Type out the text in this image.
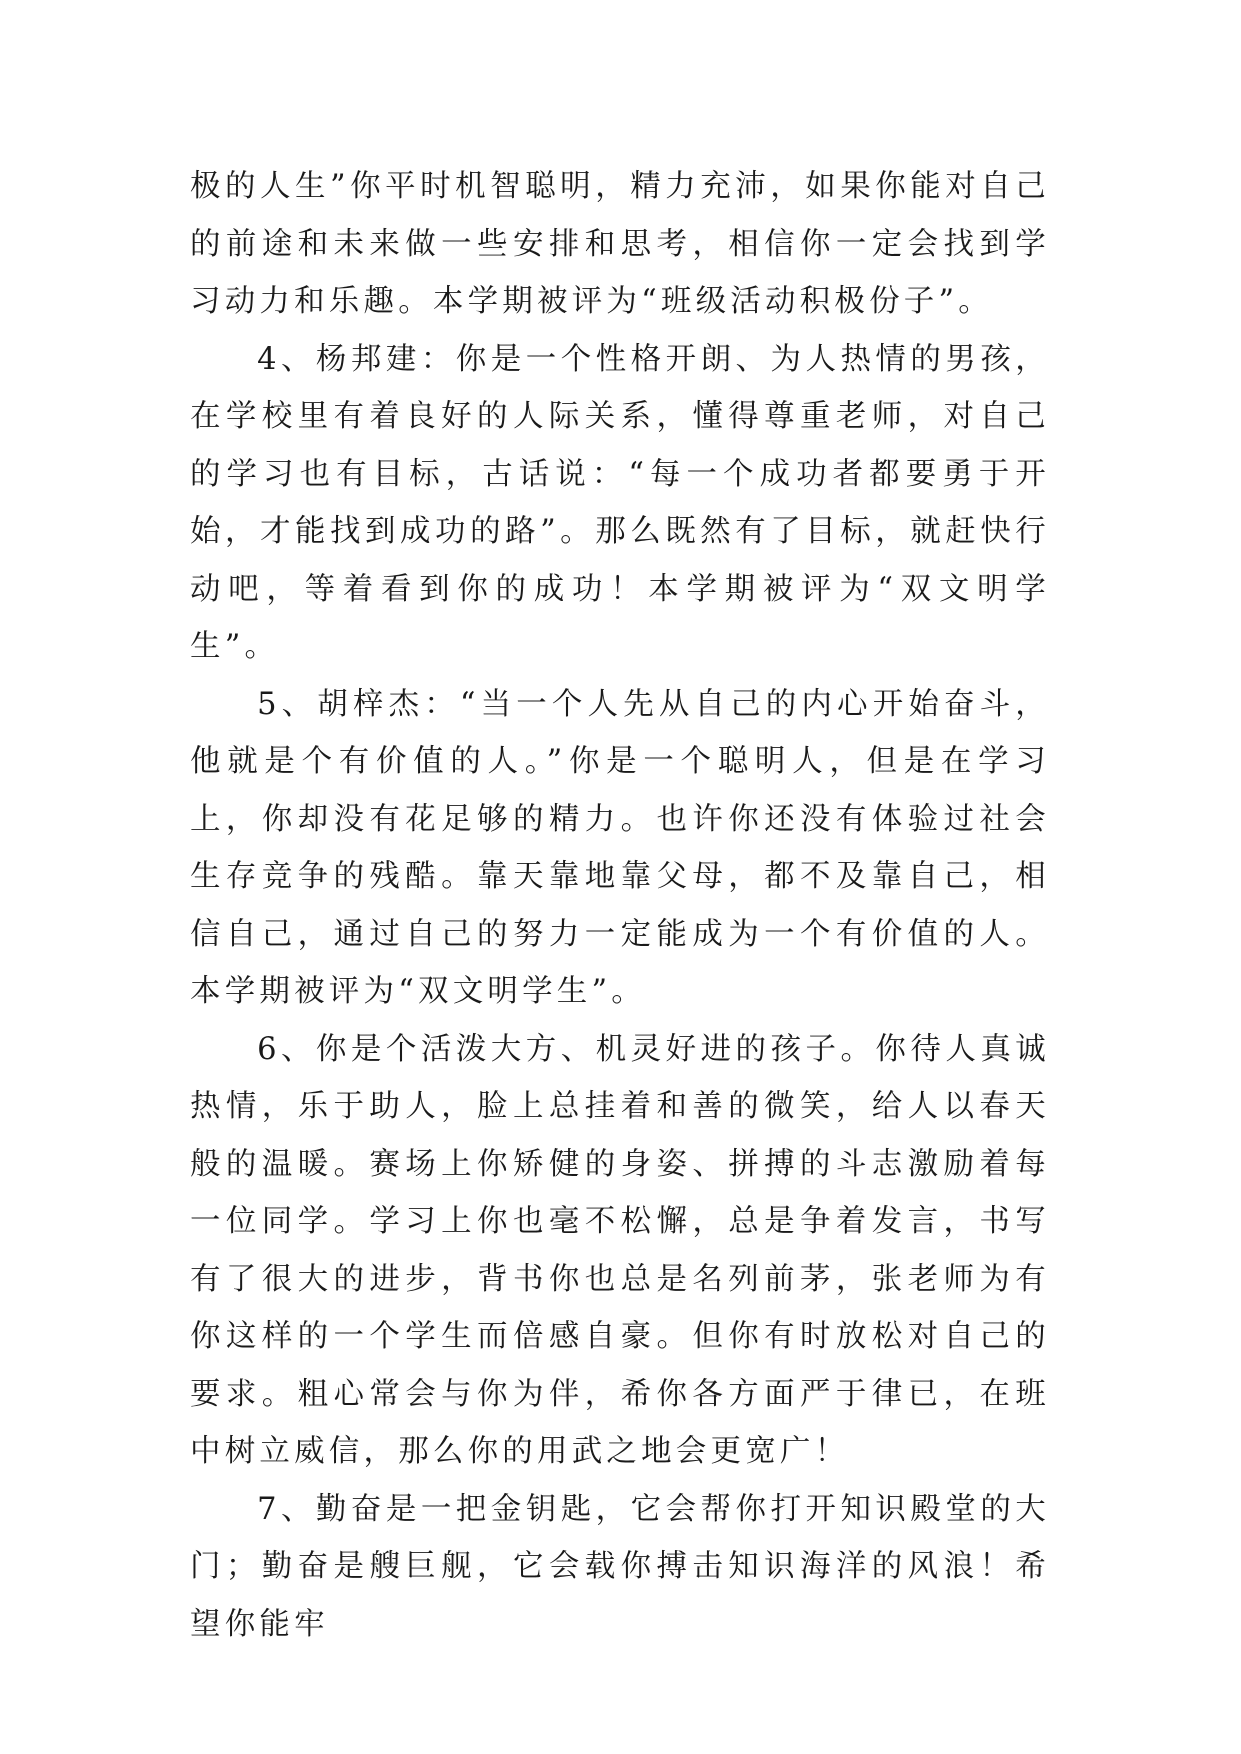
极的人生”你平时机智聪明，精力充沛，如果你能对自己的前途和未来做一些安排和思考，相信你一定会找到学习动力和乐趣。本学期被评为“班级活动积极份子”。

4、杨邦建：你是一个性格开朗、为人热情的男孩，在学校里有着良好的人际关系，懂得尊重老师，对自己的学习也有目标，古话说：“每一个成功者都要勇于开始，才能找到成功的路”。那么既然有了目标，就赶快行动吧，等着看到你的成功！本学期被评为“双文明学生”。

5、胡梓杰：“当一个人先从自己的内心开始奋斗，他就是个有价值的人。”你是一个聪明人，但是在学习上，你却没有花足够的精力。也许你还没有体验过社会生存竞争的残酷。靠天靠地靠父母，都不及靠自己，相信自己，通过自己的努力一定能成为一个有价值的人。本学期被评为“双文明学生”。

6、你是个活泼大方、机灵好进的孩子。你待人真诚热情，乐于助人，脸上总挂着和善的微笑，给人以春天般的温暖。赛场上你矫健的身姿、拼搏的斗志激励着每一位同学。学习上你也毫不松懈，总是争着发言，书写有了很大的进步，背书你也总是名列前茅，张老师为有你这样的一个学生而倍感自豪。但你有时放松对自己的要求。粗心常会与你为伴，希你各方面严于律已，在班中树立威信，那么你的用武之地会更宽广！

7、勤奋是一把金钥匙，它会帮你打开知识殿堂的大门；勤奋是艘巨舰，它会载你搏击知识海洋的风浪！希望你能牢
